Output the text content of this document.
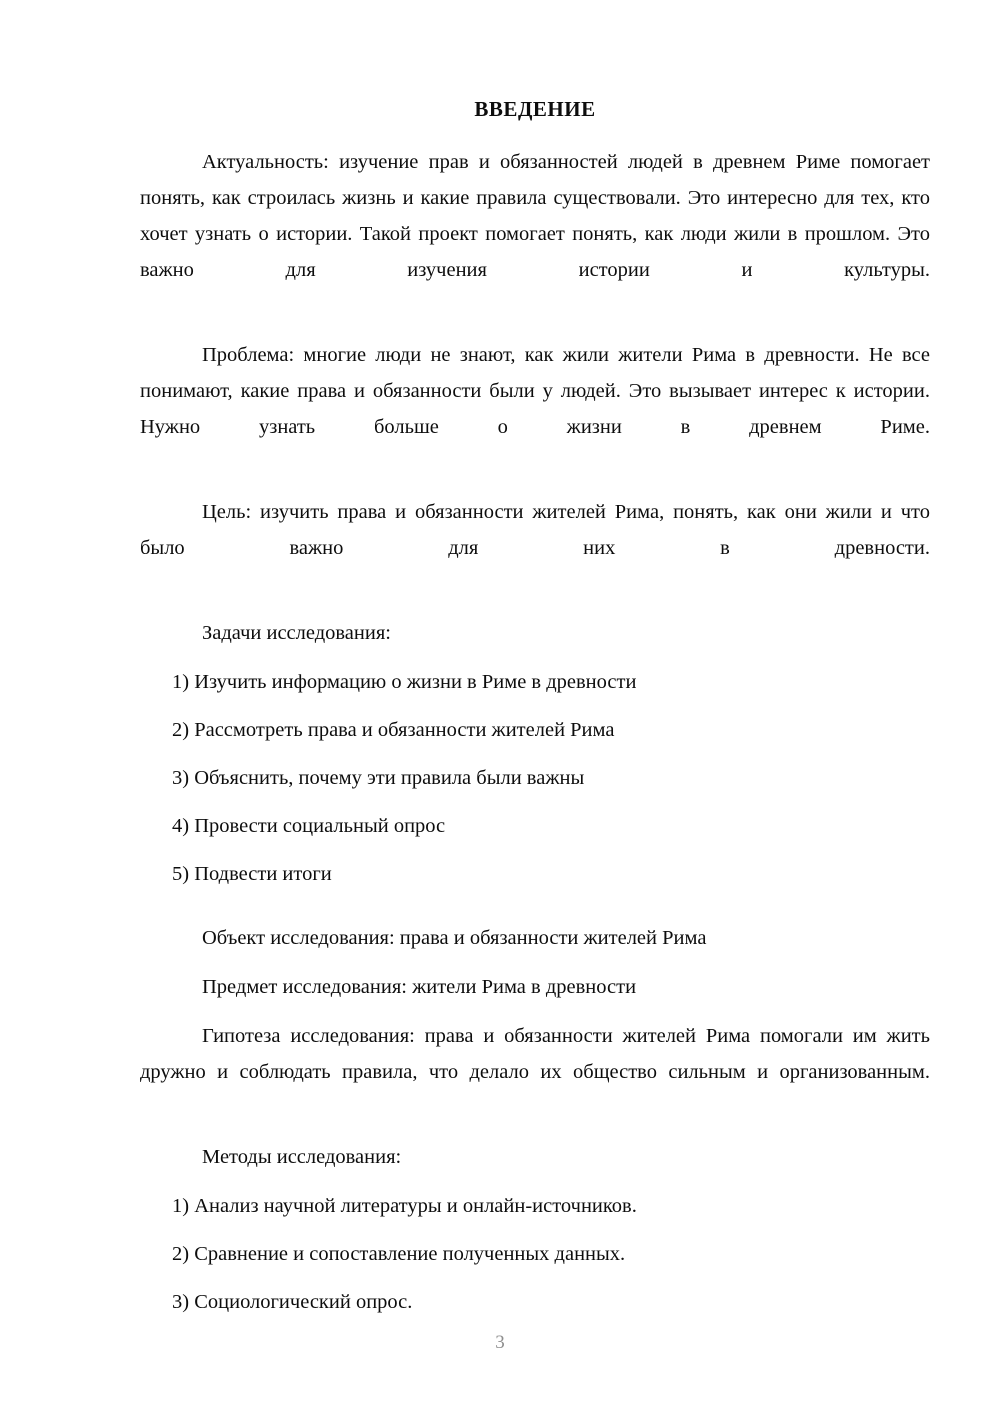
ВВЕДЕНИЕ

Актуальность: изучение прав и обязанностей людей в древнем Риме помогает понять, как строилась жизнь и какие правила существовали. Это интересно для тех, кто хочет узнать о истории. Такой проект помогает понять, как люди жили в прошлом. Это важно для изучения истории и культуры.

Проблема: многие люди не знают, как жили жители Рима в древности. Не все понимают, какие права и обязанности были у людей. Это вызывает интерес к истории. Нужно узнать больше о жизни в древнем Риме.

Цель: изучить права и обязанности жителей Рима, понять, как они жили и что было важно для них в древности.

Задачи исследования:

1) Изучить информацию о жизни в Риме в древности
2) Рассмотреть права и обязанности жителей Рима
3) Объяснить, почему эти правила были важны
4) Провести социальный опрос
5) Подвести итоги

Объект исследования: права и обязанности жителей Рима

Предмет исследования: жители Рима в древности

Гипотеза исследования: права и обязанности жителей Рима помогали им жить дружно и соблюдать правила, что делало их общество сильным и организованным.

Методы исследования:

1) Анализ научной литературы и онлайн-источников.
2) Сравнение и сопоставление полученных данных.
3) Социологический опрос.
3
